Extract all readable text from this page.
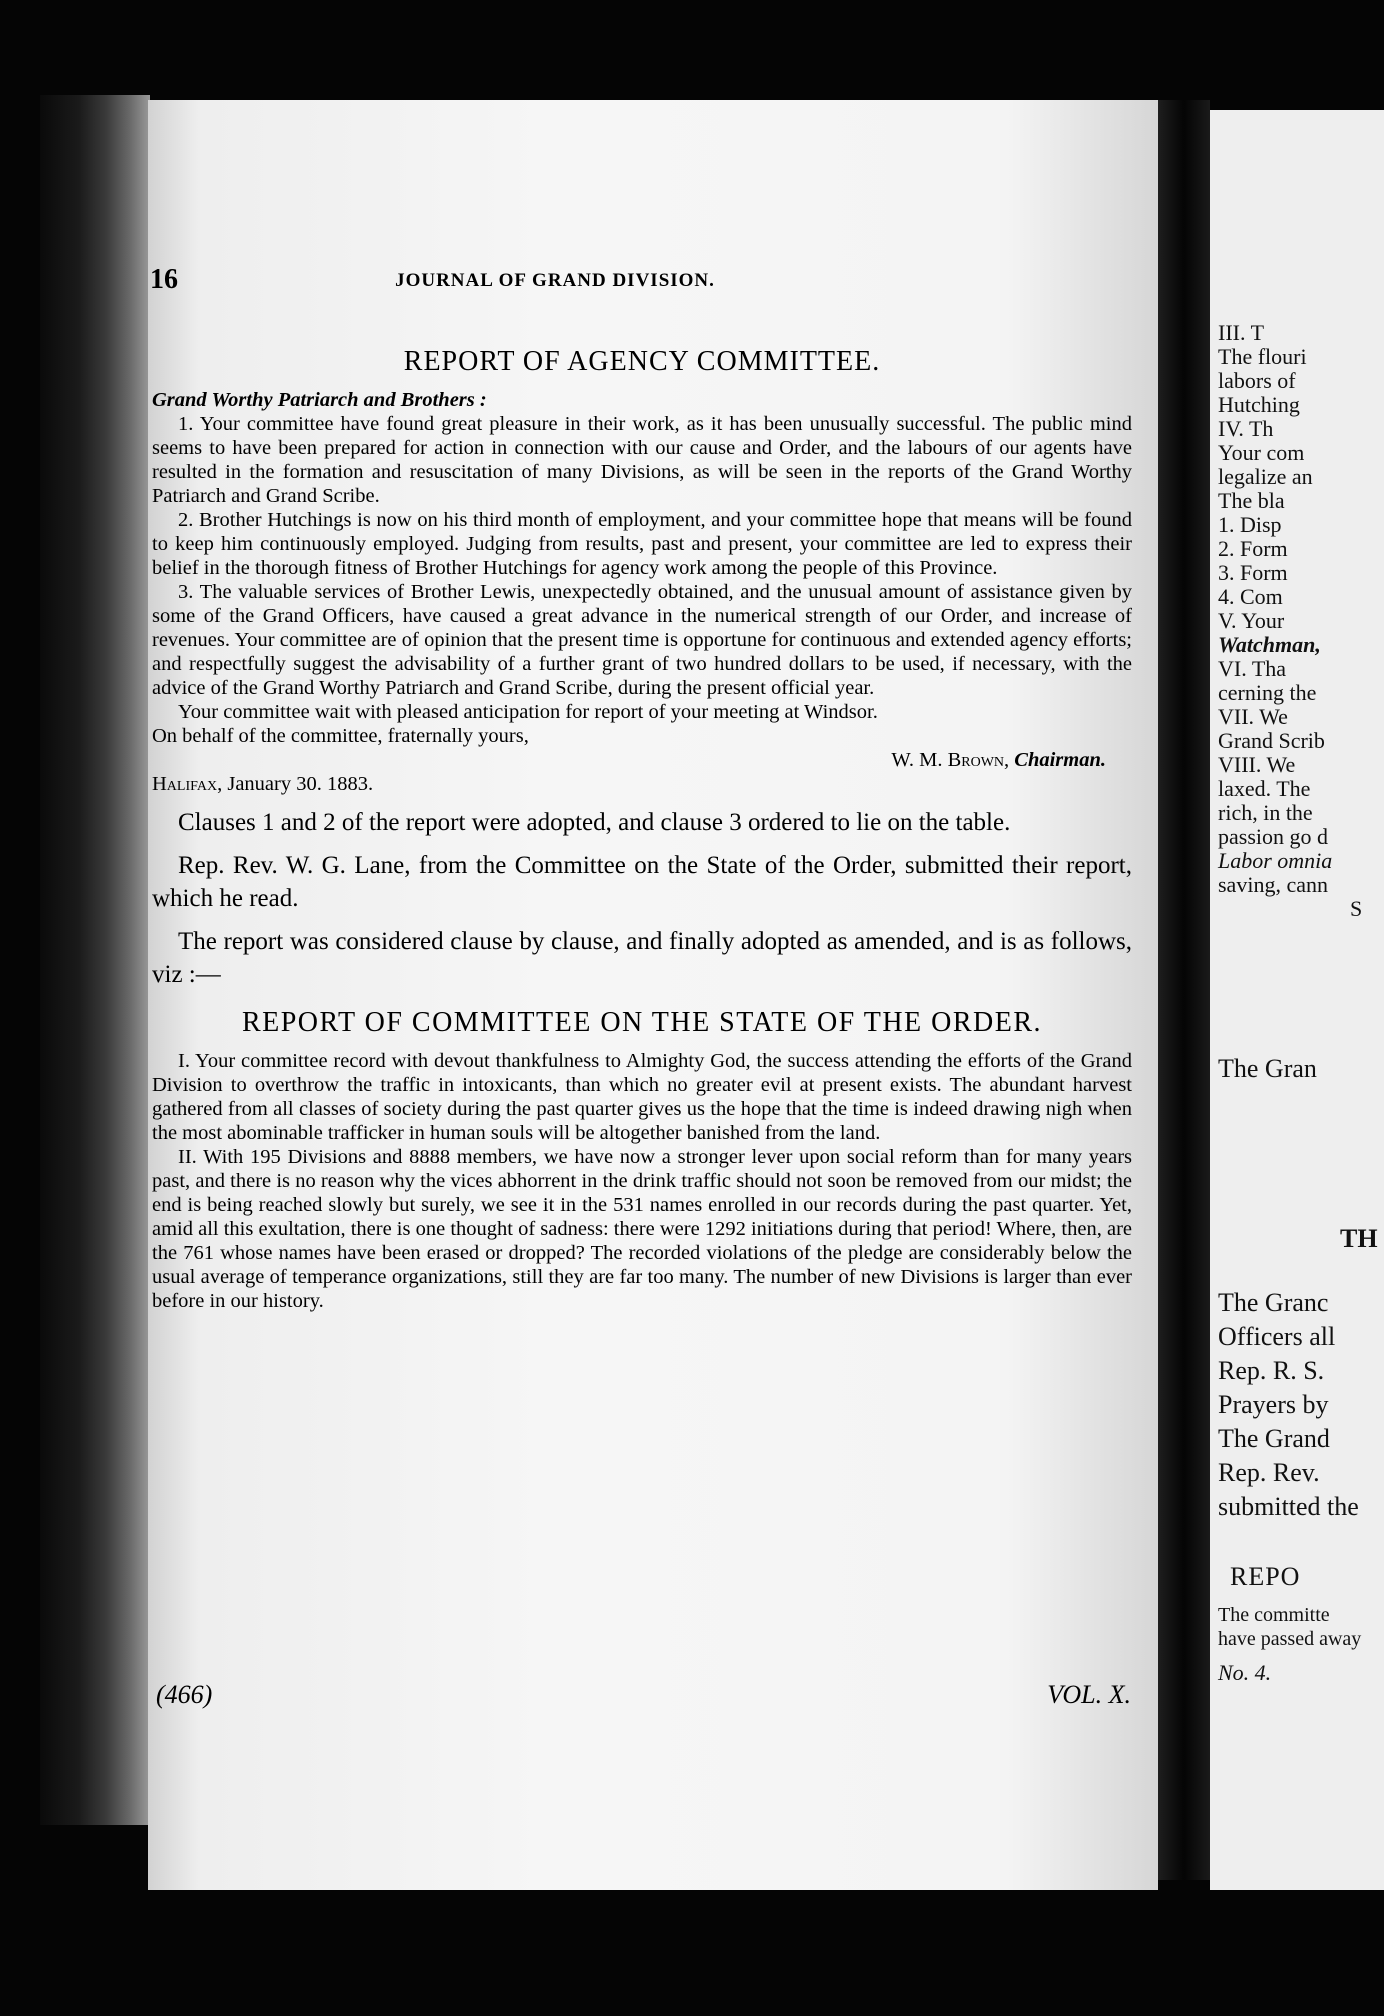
16	JOURNAL OF GRAND DIVISION.
REPORT OF AGENCY COMMITTEE.

Grand Worthy Patriarch and Brothers :

1. Your committee have found great pleasure in their work, as it has been unusually successful. The public mind seems to have been prepared for action in connection with our cause and Order, and the labours of our agents have resulted in the formation and resuscitation of many Divisions, as will be seen in the reports of the Grand Worthy Patriarch and Grand Scribe.

2. Brother Hutchings is now on his third month of employment, and your committee hope that means will be found to keep him continuously employed. Judging from results, past and present, your committee are led to express their belief in the thorough fitness of Brother Hutchings for agency work among the people of this Province.

3. The valuable services of Brother Lewis, unexpectedly obtained, and the unusual amount of assistance given by some of the Grand Officers, have caused a great advance in the numerical strength of our Order, and increase of revenues. Your committee are of opinion that the present time is opportune for continuous and extended agency efforts; and respectfully suggest the advisability of a further grant of two hundred dollars to be used, if necessary, with the advice of the Grand Worthy Patriarch and Grand Scribe, during the present official year.

Your committee wait with pleased anticipation for report of your meeting at Windsor.

On behalf of the committee, fraternally yours,

W. M. Brown, Chairman.

Halifax, January 30. 1883.

Clauses 1 and 2 of the report were adopted, and clause 3 ordered to lie on the table.

Rep. Rev. W. G. Lane, from the Committee on the State of the Order, submitted their report, which he read.

The report was considered clause by clause, and finally adopted as amended, and is as follows, viz :—

REPORT OF COMMITTEE ON THE STATE OF THE ORDER.

I. Your committee record with devout thankfulness to Almighty God, the success attending the efforts of the Grand Division to overthrow the traffic in intoxicants, than which no greater evil at present exists. The abundant harvest gathered from all classes of society during the past quarter gives us the hope that the time is indeed drawing nigh when the most abominable trafficker in human souls will be altogether banished from the land.

II. With 195 Divisions and 8888 members, we have now a stronger lever upon social reform than for many years past, and there is no reason why the vices abhorrent in the drink traffic should not soon be removed from our midst; the end is being reached slowly but surely, we see it in the 531 names enrolled in our records during the past quarter. Yet, amid all this exultation, there is one thought of sadness: there were 1292 initiations during that period! Where, then, are the 761 whose names have been erased or dropped? The recorded violations of the pledge are considerably below the usual average of temperance organizations, still they are far too many. The number of new Divisions is larger than ever before in our history.

(466)	VOL. X.
III. T
The flouri
labors of
Hutching
IV. Th
Your com
legalize an
The bla
1. Disp
2. Form
3. Form
4. Com
V. Your
Watchman,
VI. Tha
cerning the
VII. We
Grand Scrib
VIII. We
laxed. The
rich, in the
passion go d
Labor omnia
saving, cann
S
The Gran
TH
The Granc
Officers all
Rep. R. S.
Prayers by
The Grand
Rep. Rev.
submitted the
REPO
The committe
have passed away
No. 4.
